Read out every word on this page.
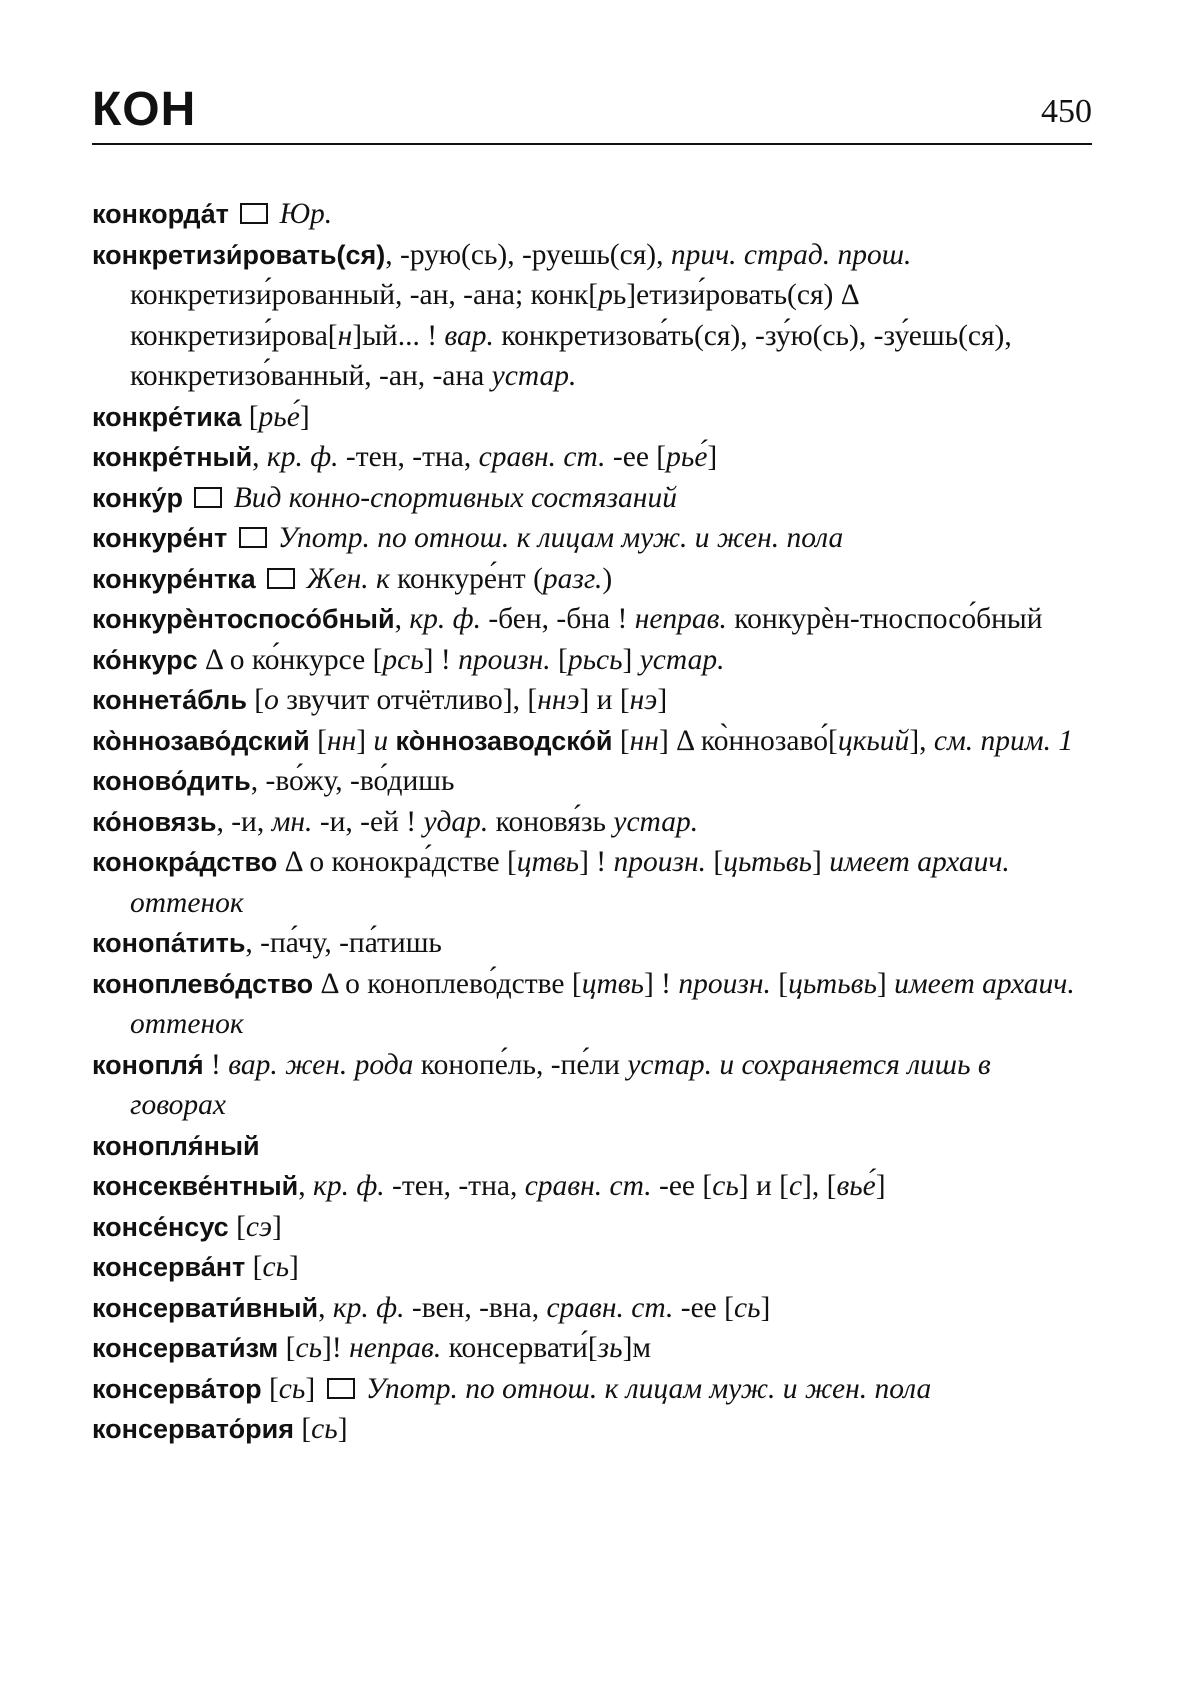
КОН	450

конкорда́т  Юр.

конкретизи́ровать(ся), -рую(сь), -руешь(ся), прич. страд. прош. конкретизи́рованный, -ан, -ана; конк[рь]етизи́ровать(ся) Δ конкретизи́рова[н]ый... ! вар. конкретизова́ть(ся), -зу́ю(сь), -зу́ешь(ся), конкретизо́ванный, -ан, -ана устар.

конкре́тика [рье́]

конкре́тный, кр. ф. -тен, -тна, сравн. ст. -ее [рье́]

конку́р  Вид конно-спортивных состязаний

конкуре́нт  Употр. по отнош. к лицам муж. и жен. пола

конкуре́нтка  Жен. к конкуре́нт (разг.)

конкурѐнтоспосо́бный, кр. ф. -бен, -бна ! неправ. конкурѐн-тноспосо́бный

ко́нкурс Δ о ко́нкурсе [рсь] ! произн. [рьсь] устар.

коннета́бль [о звучит отчётливо], [ннэ] и [нэ]

ко̀ннозаво́дский [нн] и ко̀ннозаводско́й [нн] Δ ко̀ннозаво́[цкьий], см. прим. 1

коново́дить, -во́жу, -во́дишь

ко́новязь, -и, мн. -и, -ей ! удар. коновя́зь устар.

конокра́дство Δ о конокра́дстве [цтвь] ! произн. [цьтьвь] имеет архаич. оттенок

конопа́тить, -па́чу, -па́тишь

коноплево́дство Δ о коноплево́дстве [цтвь] ! произн. [цьтьвь] имеет архаич. оттенок

конопля́ ! вар. жен. рода конопе́ль, -пе́ли устар. и сохраняется лишь в говорах

конопля́ный

консекве́нтный, кр. ф. -тен, -тна, сравн. ст. -ее [сь] и [с], [вье́]

консе́нсус [сэ]

консерва́нт [сь]

консервати́вный, кр. ф. -вен, -вна, сравн. ст. -ее [сь]

консервати́зм [сь]! неправ. консервати́[зь]м

консерва́тор [сь]  Употр. по отнош. к лицам муж. и жен. пола

консервато́рия [сь]
